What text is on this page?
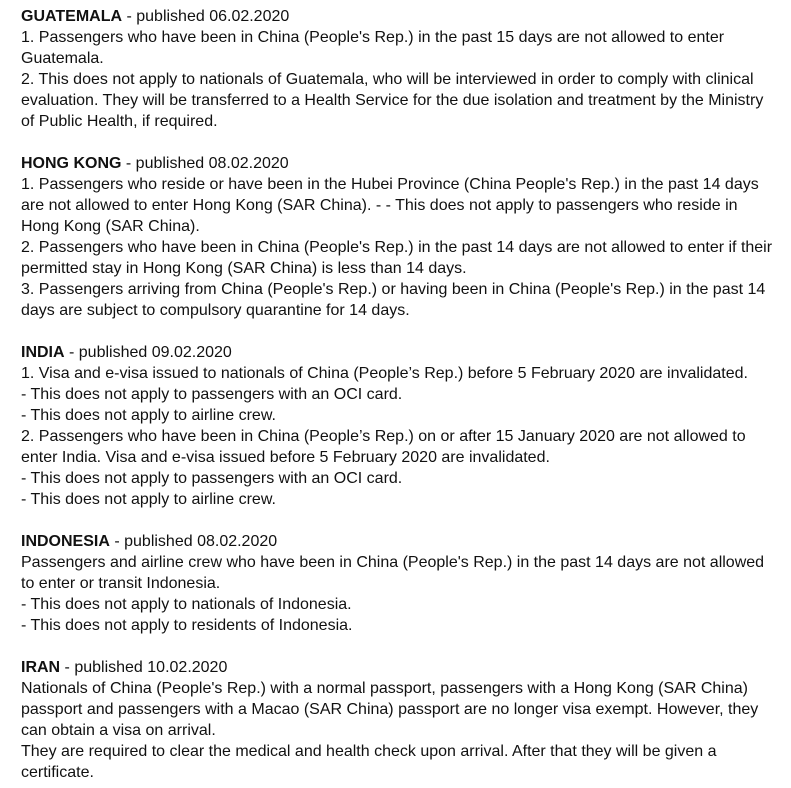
GUATEMALA - published 06.02.2020
1. Passengers who have been in China (People's Rep.) in the past 15 days are not allowed to enter Guatemala.
2. This does not apply to nationals of Guatemala, who will be interviewed in order to comply with clinical evaluation. They will be transferred to a Health Service for the due isolation and treatment by the Ministry of Public Health, if required.
HONG KONG - published 08.02.2020
1. Passengers who reside or have been in the Hubei Province (China People's Rep.) in the past 14 days are not allowed to enter Hong Kong (SAR China). - - This does not apply to passengers who reside in Hong Kong (SAR China).
2. Passengers who have been in China (People's Rep.) in the past 14 days are not allowed to enter if their permitted stay in Hong Kong (SAR China) is less than 14 days.
3. Passengers arriving from China (People's Rep.) or having been in China (People's Rep.) in the past 14 days are subject to compulsory quarantine for 14 days.
INDIA - published 09.02.2020
1. Visa and e-visa issued to nationals of China (People’s Rep.) before 5 February 2020 are invalidated.
- This does not apply to passengers with an OCI card.
- This does not apply to airline crew.
2. Passengers who have been in China (People’s Rep.) on or after 15 January 2020 are not allowed to enter India. Visa and e-visa issued before 5 February 2020 are invalidated.
- This does not apply to passengers with an OCI card.
- This does not apply to airline crew.
INDONESIA - published 08.02.2020
Passengers and airline crew who have been in China (People's Rep.) in the past 14 days are not allowed to enter or transit Indonesia.
- This does not apply to nationals of Indonesia.
- This does not apply to residents of Indonesia.
IRAN - published 10.02.2020
Nationals of China (People's Rep.) with a normal passport, passengers with a Hong Kong (SAR China) passport and passengers with a Macao (SAR China) passport are no longer visa exempt. However, they can obtain a visa on arrival.
They are required to clear the medical and health check upon arrival. After that they will be given a certificate.
